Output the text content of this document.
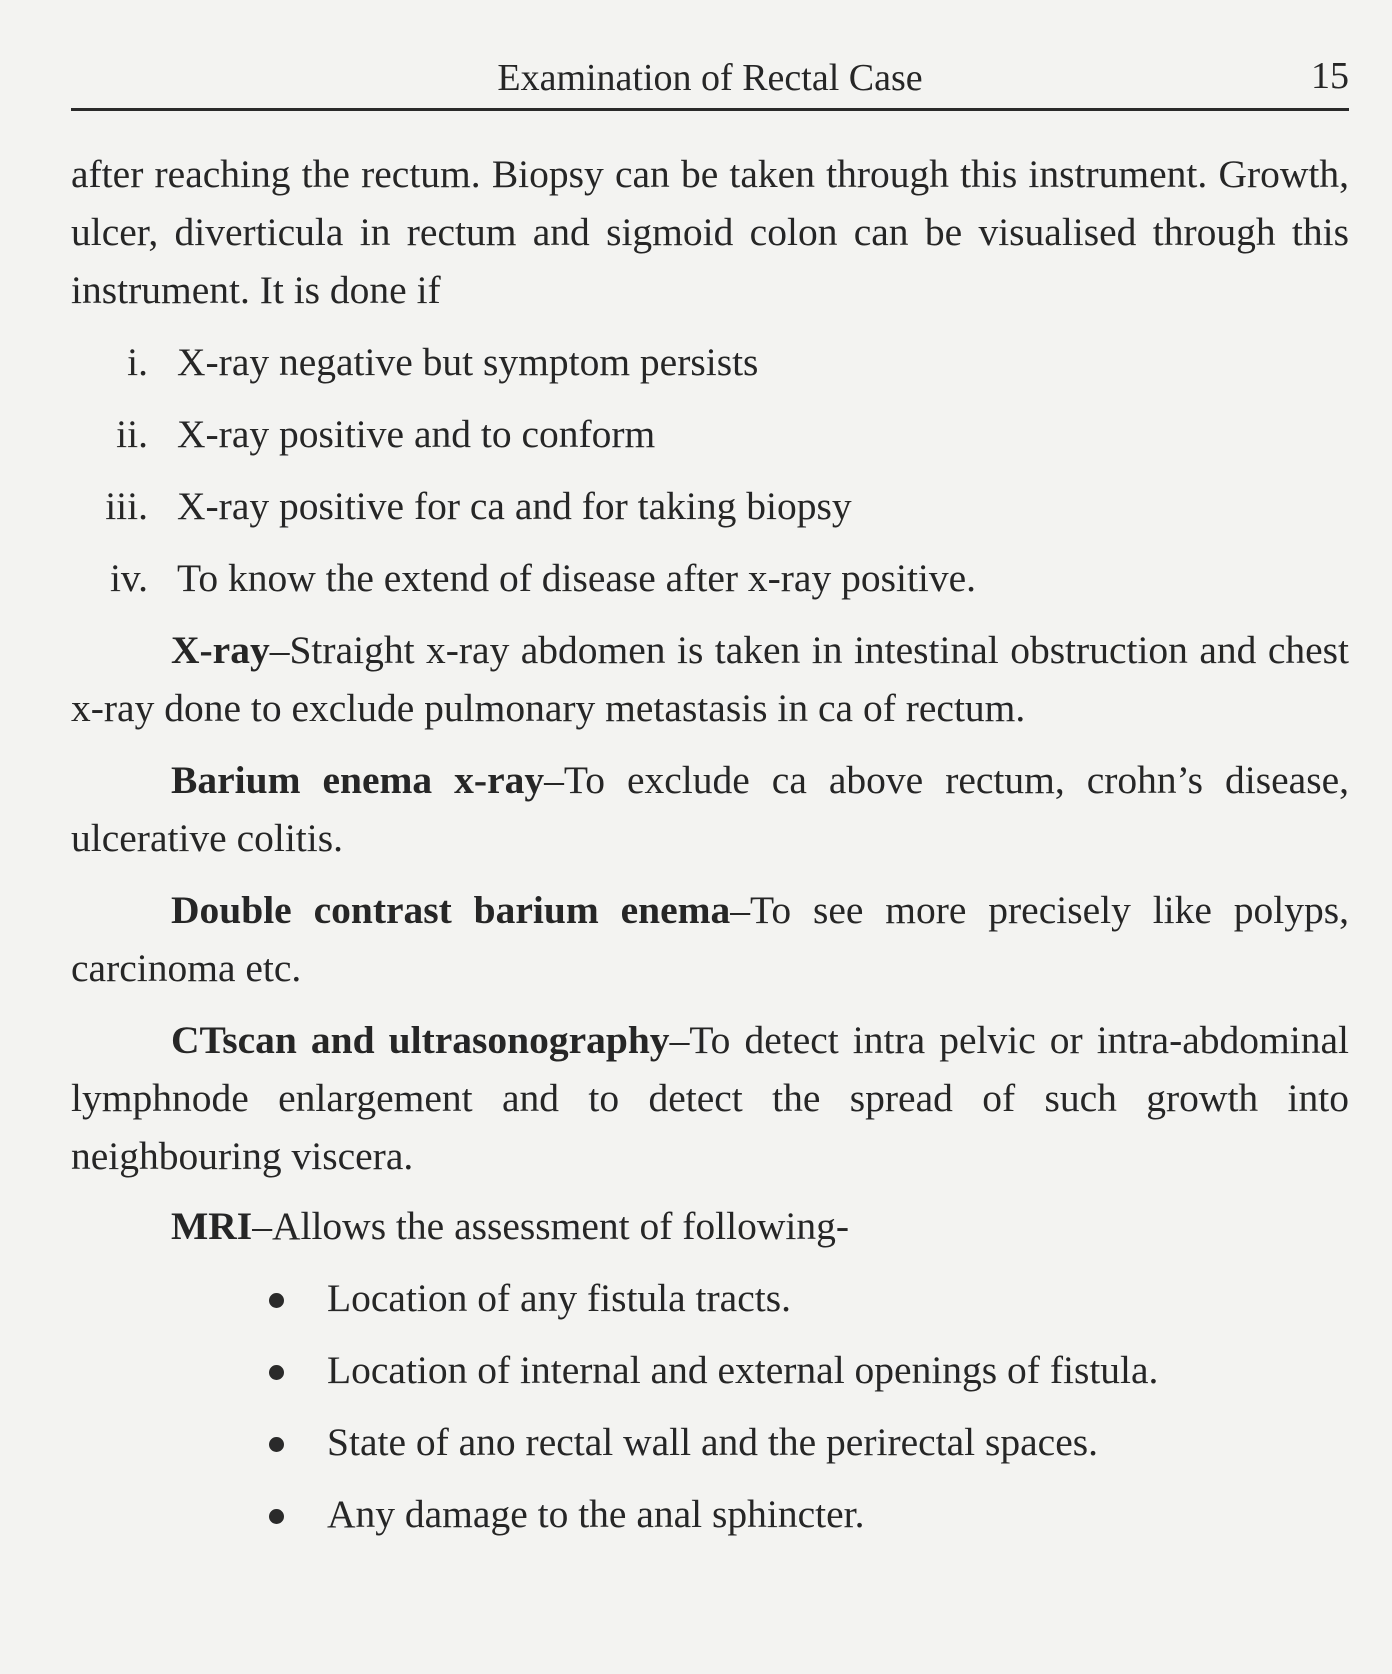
Examination of Rectal Case	15

after reaching the rectum. Biopsy can be taken through this instrument. Growth, ulcer, diverticula in rectum and sigmoid colon can be visualised through this instrument. It is done if

i. X-ray negative but symptom persists
ii. X-ray positive and to conform
iii. X-ray positive for ca and for taking biopsy
iv. To know the extend of disease after x-ray positive.

X-ray–Straight x-ray abdomen is taken in intestinal obstruction and chest x-ray done to exclude pulmonary metastasis in ca of rectum.

Barium enema x-ray–To exclude ca above rectum, crohn’s disease, ulcerative colitis.

Double contrast barium enema–To see more precisely like polyps, carcinoma etc.

CTscan and ultrasonography–To detect intra pelvic or intra-abdominal lymphnode enlargement and to detect the spread of such growth into neighbouring viscera.

MRI–Allows the assessment of following-

Location of any fistula tracts.
Location of internal and external openings of fistula.
State of ano rectal wall and the perirectal spaces.
Any damage to the anal sphincter.
